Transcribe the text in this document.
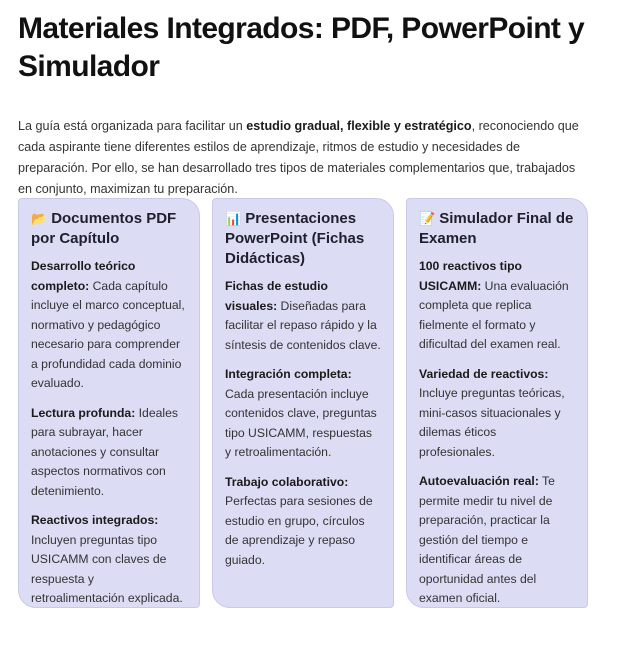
Materiales Integrados: PDF, PowerPoint y Simulador

La guía está organizada para facilitar un estudio gradual, flexible y estratégico, reconociendo que cada aspirante tiene diferentes estilos de aprendizaje, ritmos de estudio y necesidades de preparación. Por ello, se han desarrollado tres tipos de materiales complementarios que, trabajados en conjunto, maximizan tu preparación.

📂 Documentos PDF por Capítulo

Desarrollo teórico completo: Cada capítulo incluye el marco conceptual, normativo y pedagógico necesario para comprender a profundidad cada dominio evaluado.

Lectura profunda: Ideales para subrayar, hacer anotaciones y consultar aspectos normativos con detenimiento.

Reactivos integrados: Incluyen preguntas tipo USICAMM con claves de respuesta y retroalimentación explicada.

📊 Presentaciones PowerPoint (Fichas Didácticas)

Fichas de estudio visuales: Diseñadas para facilitar el repaso rápido y la síntesis de contenidos clave.

Integración completa: Cada presentación incluye contenidos clave, preguntas tipo USICAMM, respuestas y retroalimentación.

Trabajo colaborativo: Perfectas para sesiones de estudio en grupo, círculos de aprendizaje y repaso guiado.

📝 Simulador Final de Examen

100 reactivos tipo USICAMM: Una evaluación completa que replica fielmente el formato y dificultad del examen real.

Variedad de reactivos: Incluye preguntas teóricas, mini-casos situacionales y dilemas éticos profesionales.

Autoevaluación real: Te permite medir tu nivel de preparación, practicar la gestión del tiempo e identificar áreas de oportunidad antes del examen oficial.
